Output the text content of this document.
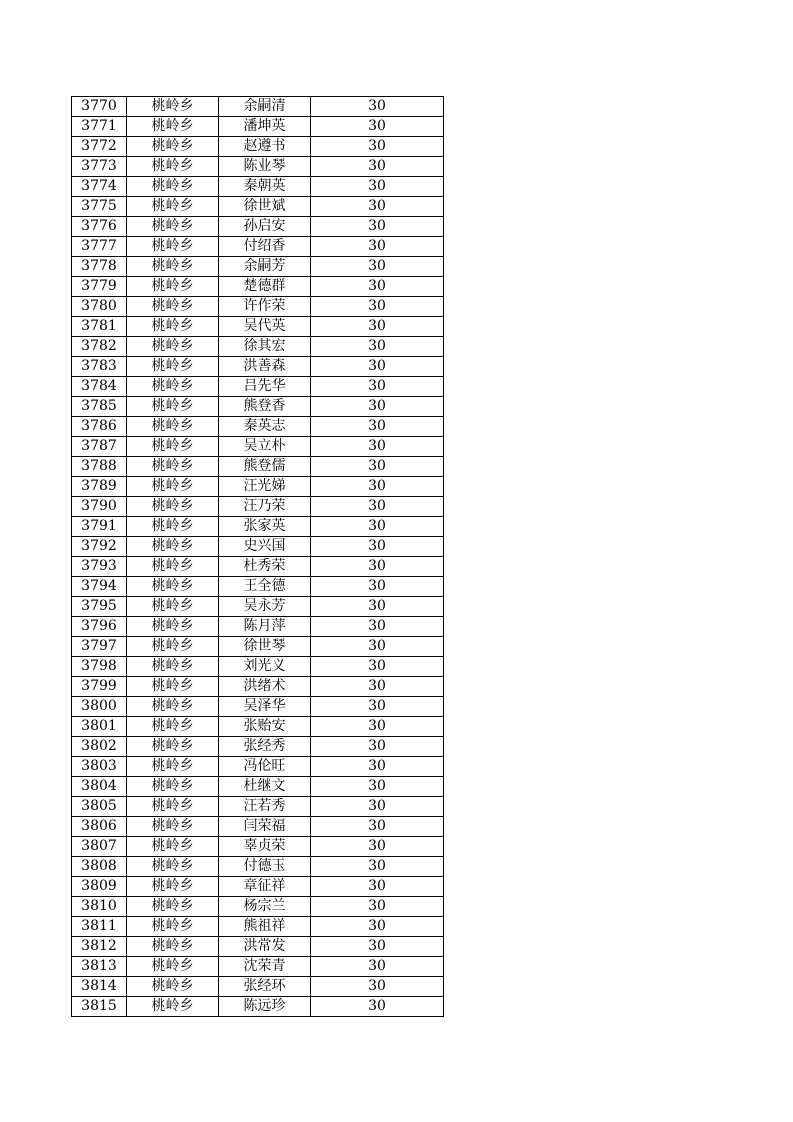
3770	桃岭乡	余嗣清	30
3771	桃岭乡	潘坤英	30
3772	桃岭乡	赵遵书	30
3773	桃岭乡	陈业琴	30
3774	桃岭乡	秦朝英	30
3775	桃岭乡	徐世斌	30
3776	桃岭乡	孙启安	30
3777	桃岭乡	付绍香	30
3778	桃岭乡	余嗣芳	30
3779	桃岭乡	楚德群	30
3780	桃岭乡	许作荣	30
3781	桃岭乡	吴代英	30
3782	桃岭乡	徐其宏	30
3783	桃岭乡	洪善森	30
3784	桃岭乡	吕先华	30
3785	桃岭乡	熊登香	30
3786	桃岭乡	秦英志	30
3787	桃岭乡	吴立朴	30
3788	桃岭乡	熊登儒	30
3789	桃岭乡	汪光娣	30
3790	桃岭乡	汪乃荣	30
3791	桃岭乡	张家英	30
3792	桃岭乡	史兴国	30
3793	桃岭乡	杜秀荣	30
3794	桃岭乡	王全德	30
3795	桃岭乡	吴永芳	30
3796	桃岭乡	陈月萍	30
3797	桃岭乡	徐世琴	30
3798	桃岭乡	刘光义	30
3799	桃岭乡	洪绪术	30
3800	桃岭乡	吴泽华	30
3801	桃岭乡	张贻安	30
3802	桃岭乡	张经秀	30
3803	桃岭乡	冯伦旺	30
3804	桃岭乡	杜继文	30
3805	桃岭乡	汪若秀	30
3806	桃岭乡	闫荣福	30
3807	桃岭乡	辜贞荣	30
3808	桃岭乡	付德玉	30
3809	桃岭乡	章征祥	30
3810	桃岭乡	杨宗兰	30
3811	桃岭乡	熊祖祥	30
3812	桃岭乡	洪常发	30
3813	桃岭乡	沈荣青	30
3814	桃岭乡	张经环	30
3815	桃岭乡	陈远珍	30
